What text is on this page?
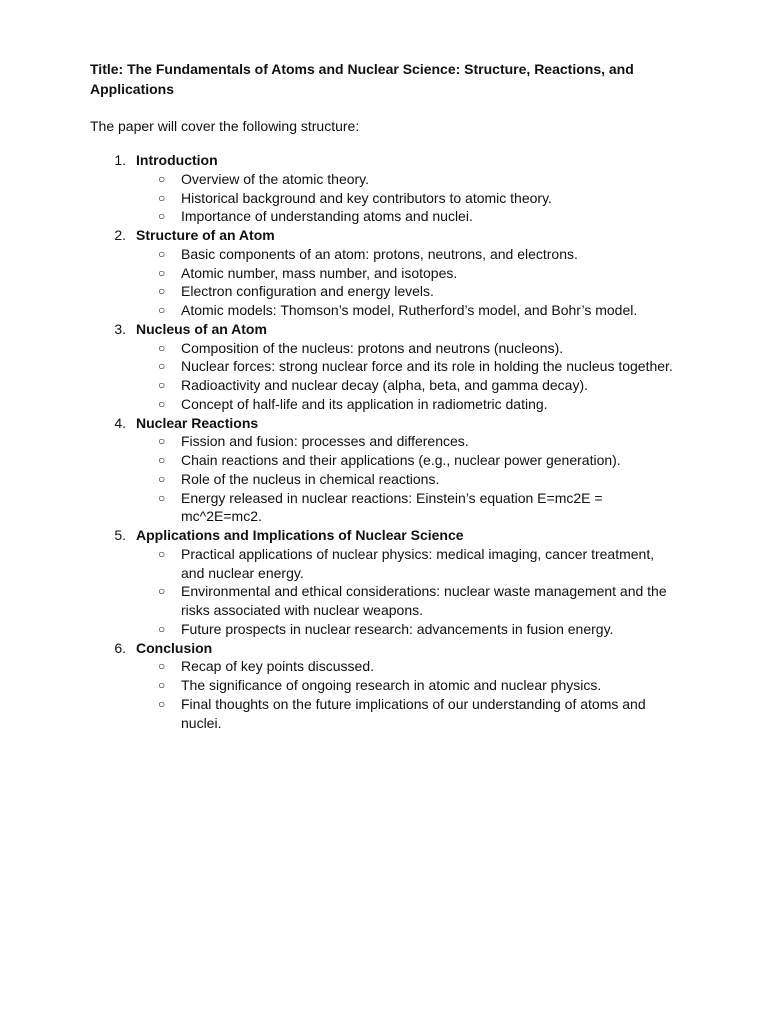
Title: The Fundamentals of Atoms and Nuclear Science: Structure, Reactions, and Applications

The paper will cover the following structure:

1. Introduction
○ Overview of the atomic theory.
○ Historical background and key contributors to atomic theory.
○ Importance of understanding atoms and nuclei.
2. Structure of an Atom
○ Basic components of an atom: protons, neutrons, and electrons.
○ Atomic number, mass number, and isotopes.
○ Electron configuration and energy levels.
○ Atomic models: Thomson’s model, Rutherford’s model, and Bohr’s model.
3. Nucleus of an Atom
○ Composition of the nucleus: protons and neutrons (nucleons).
○ Nuclear forces: strong nuclear force and its role in holding the nucleus together.
○ Radioactivity and nuclear decay (alpha, beta, and gamma decay).
○ Concept of half-life and its application in radiometric dating.
4. Nuclear Reactions
○ Fission and fusion: processes and differences.
○ Chain reactions and their applications (e.g., nuclear power generation).
○ Role of the nucleus in chemical reactions.
○ Energy released in nuclear reactions: Einstein’s equation E=mc2E = mc^2E=mc2.
5. Applications and Implications of Nuclear Science
○ Practical applications of nuclear physics: medical imaging, cancer treatment, and nuclear energy.
○ Environmental and ethical considerations: nuclear waste management and the risks associated with nuclear weapons.
○ Future prospects in nuclear research: advancements in fusion energy.
6. Conclusion
○ Recap of key points discussed.
○ The significance of ongoing research in atomic and nuclear physics.
○ Final thoughts on the future implications of our understanding of atoms and nuclei.
